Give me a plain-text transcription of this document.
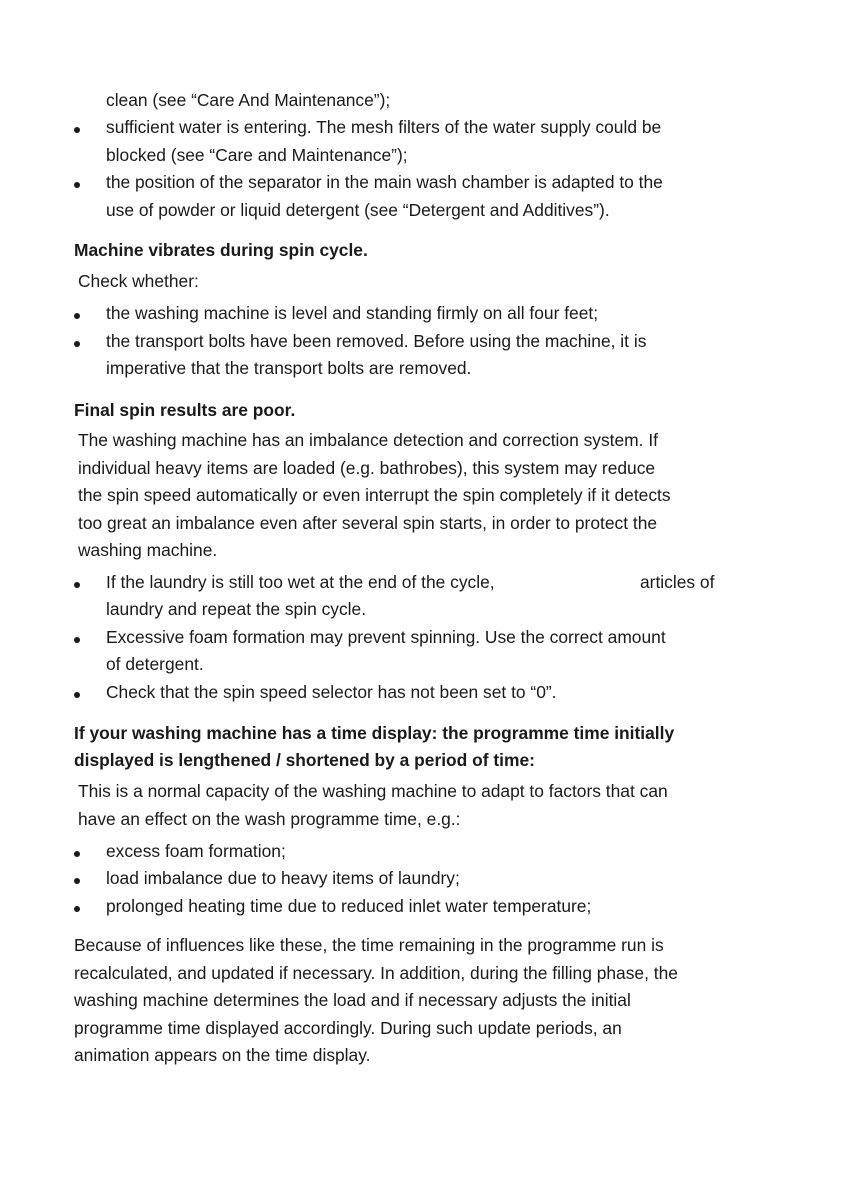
clean (see “Care And Maintenance”);
sufficient water is entering. The mesh filters of the water supply could be
blocked (see “Care and Maintenance”);
the position of the separator in the main wash chamber is adapted to the
use of powder or liquid detergent (see “Detergent and Additives”).
Machine vibrates during spin cycle.
Check whether:
the washing machine is level and standing firmly on all four feet;
the transport bolts have been removed. Before using the machine, it is
imperative that the transport bolts are removed.
Final spin results are poor.
The washing machine has an imbalance detection and correction system. If
individual heavy items are loaded (e.g. bathrobes), this system may reduce
the spin speed automatically or even interrupt the spin completely if it detects
too great an imbalance even after several spin starts, in order to protect the
washing machine.
If the laundry is still too wet at the end of the cycle,	articles of
laundry and repeat the spin cycle.
Excessive foam formation may prevent spinning. Use the correct amount
of detergent.
Check that the spin speed selector has not been set to “0”.
If your washing machine has a time display: the programme time initially
displayed is lengthened / shortened by a period of time:
This is a normal capacity of the washing machine to adapt to factors that can
have an effect on the wash programme time, e.g.:
excess foam formation;
load imbalance due to heavy items of laundry;
prolonged heating time due to reduced inlet water temperature;
Because of influences like these, the time remaining in the programme run is
recalculated, and updated if necessary. In addition, during the filling phase, the
washing machine determines the load and if necessary adjusts the initial
programme time displayed accordingly. During such update periods, an
animation appears on the time display.
